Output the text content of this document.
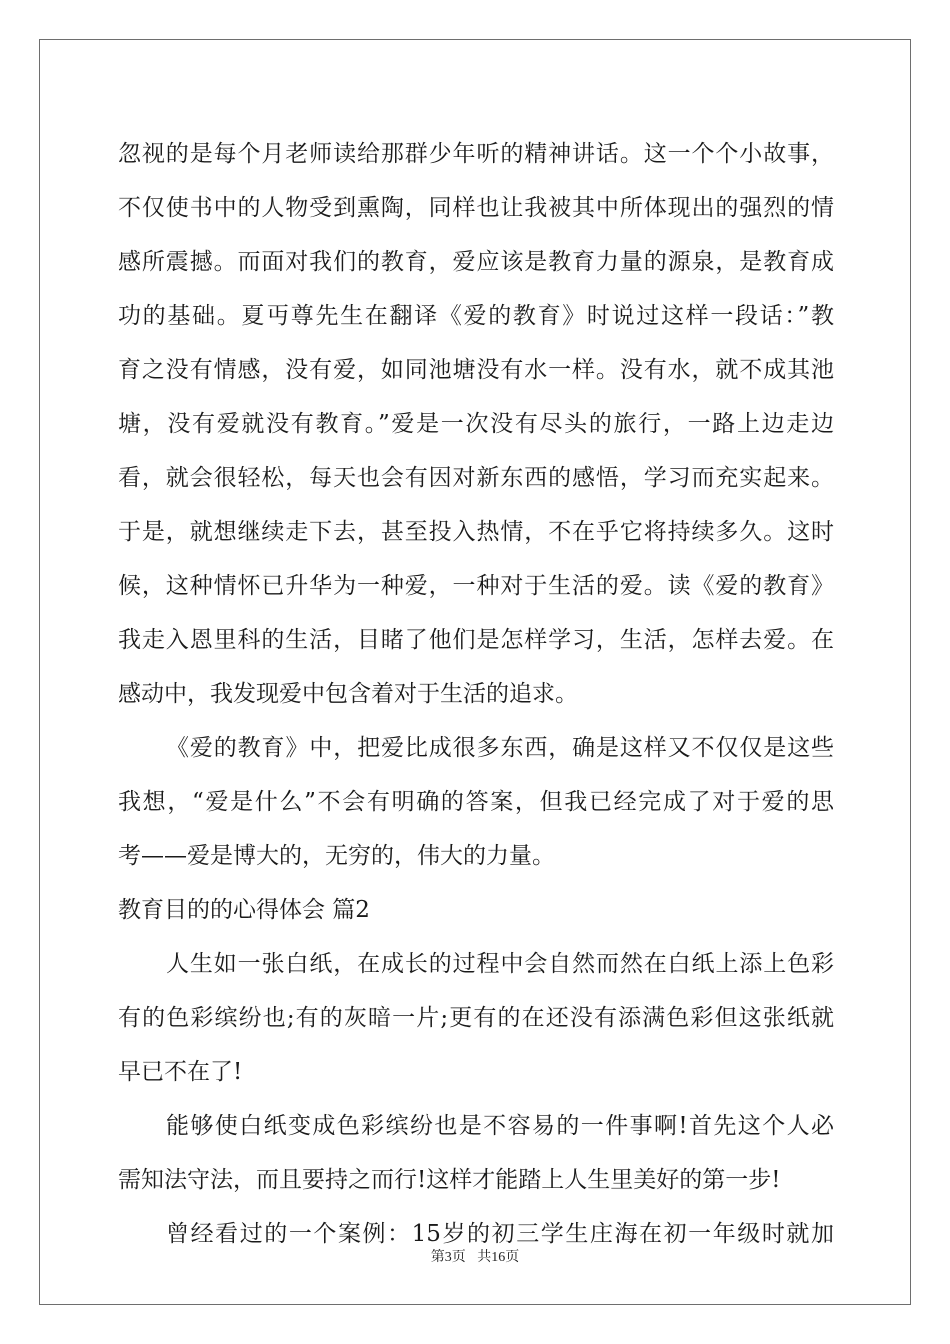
忽视的是每个月老师读给那群少年听的精神讲话。这一个个小故事，
不仅使书中的人物受到熏陶，同样也让我被其中所体现出的强烈的情
感所震撼。而面对我们的教育，爱应该是教育力量的源泉，是教育成
功的基础。夏丏尊先生在翻译《爱的教育》时说过这样一段话：”教
育之没有情感，没有爱，如同池塘没有水一样。没有水，就不成其池
塘，没有爱就没有教育。”爱是一次没有尽头的旅行，一路上边走边
看，就会很轻松，每天也会有因对新东西的感悟，学习而充实起来。
于是，就想继续走下去，甚至投入热情，不在乎它将持续多久。这时
候，这种情怀已升华为一种爱，一种对于生活的爱。读《爱的教育》
我走入恩里科的生活，目睹了他们是怎样学习，生活，怎样去爱。在
感动中，我发现爱中包含着对于生活的追求。
《爱的教育》中，把爱比成很多东西，确是这样又不仅仅是这些
我想，“爱是什么”不会有明确的答案，但我已经完成了对于爱的思
考——爱是博大的，无穷的，伟大的力量。
教育目的的心得体会 篇2
人生如一张白纸，在成长的过程中会自然而然在白纸上添上色彩
有的色彩缤纷也;有的灰暗一片;更有的在还没有添满色彩但这张纸就
早已不在了!
能够使白纸变成色彩缤纷也是不容易的一件事啊!首先这个人必
需知法守法，而且要持之而行!这样才能踏上人生里美好的第一步!
曾经看过的一个案例：15岁的初三学生庄海在初一年级时就加
第3页 共16页
